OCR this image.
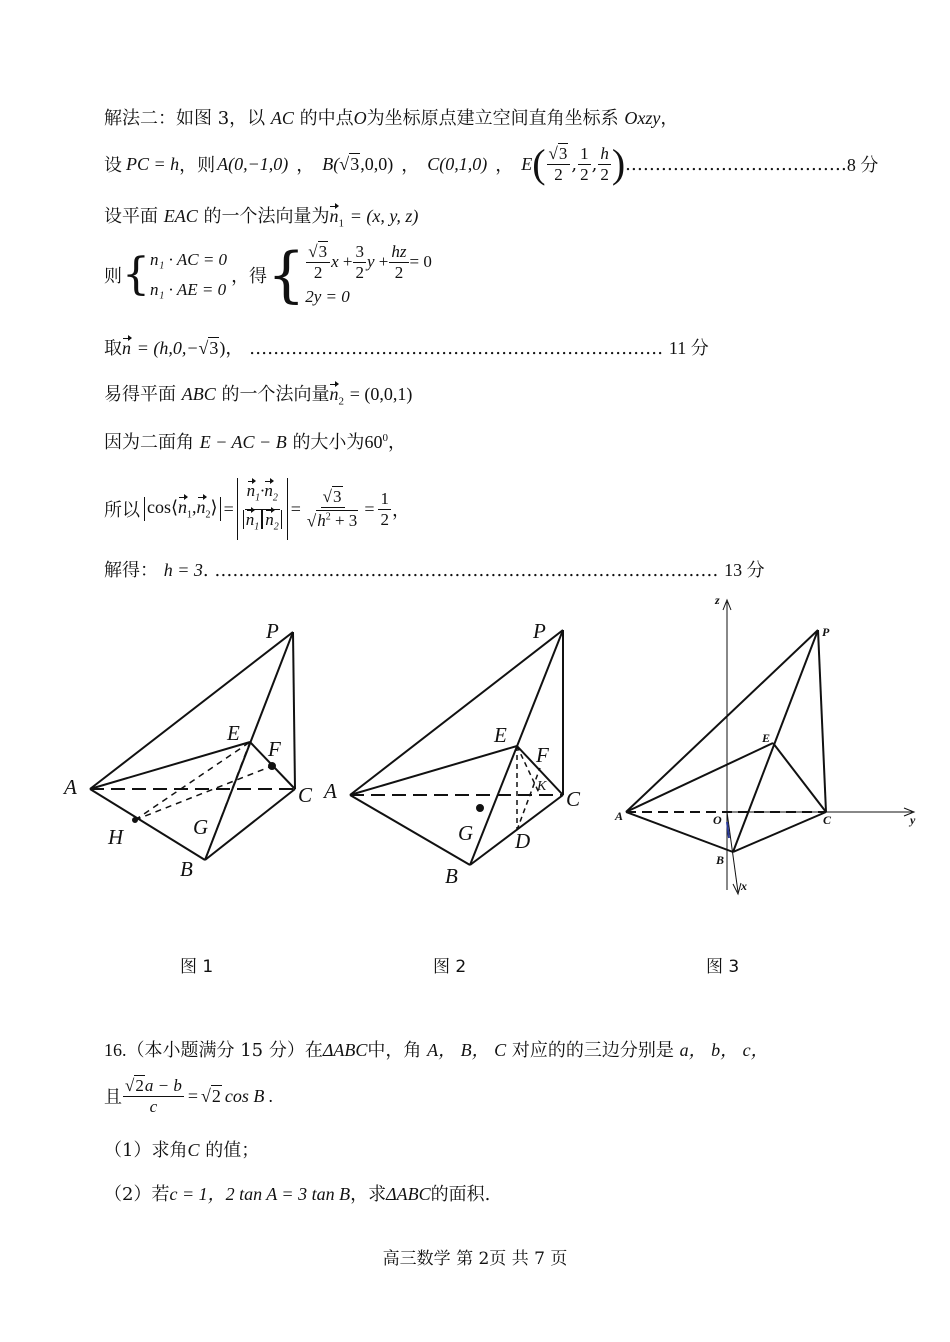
解法二：如图 3，以 AC 的中点O为坐标原点建立空间直角坐标系 Oxzy，
设 PC = h ，则 A(0,−1,0) ， B( √ 3 ,0,0) ， C(0,1,0) ， E ( $\frac{√3}{2}$ , $\frac{1}{2}$ , $\frac{h}{2}$ ) . ……………………………… 8 分
设平面 EAC 的一个法向量为$n_1 = (x$, y, z)
则 { n₁ · AC = 0
n₁ · AE = 0
，得 { $\frac{√3}{2}$ $x + \frac{3}{2}$ $y + \frac{hz}{2} = 0$
2y = 0
取n = (h,0,−√3)， …………………………………………………………… 11 分
易得平面 ABC 的一个法向量$n_2 = (0,0,1)$
因为二面角 E − AC − B 的大小为$60^0$，
所以 $\cos⟨n_1,n_2⟩ = \frac{n_1\cdot n_2}{n_1 n_2} = \frac{√3}{√h^2 + 3} = \frac{1}{2}$ ，
解得： h = 3. ………………………………………………………………………… 13 分
P
E
F
A	C
H	G
B
P
E
F
K
A	C
G D
B
z
P
E
A	O	C	y
B
x
图 1	图 2	图 3
16.（本小题满分 15 分）在ΔABC中，角 A， B， C 对应的的三边分别是 a， b， c，
且 $\frac{√2a - b}{c}$ = √ 2 cos B .
（1）求角C 的值；
（2）若c = 1，2 tan A = 3 tan B，求ΔABC的面积.
高三数学 第 2页 共 7 页
